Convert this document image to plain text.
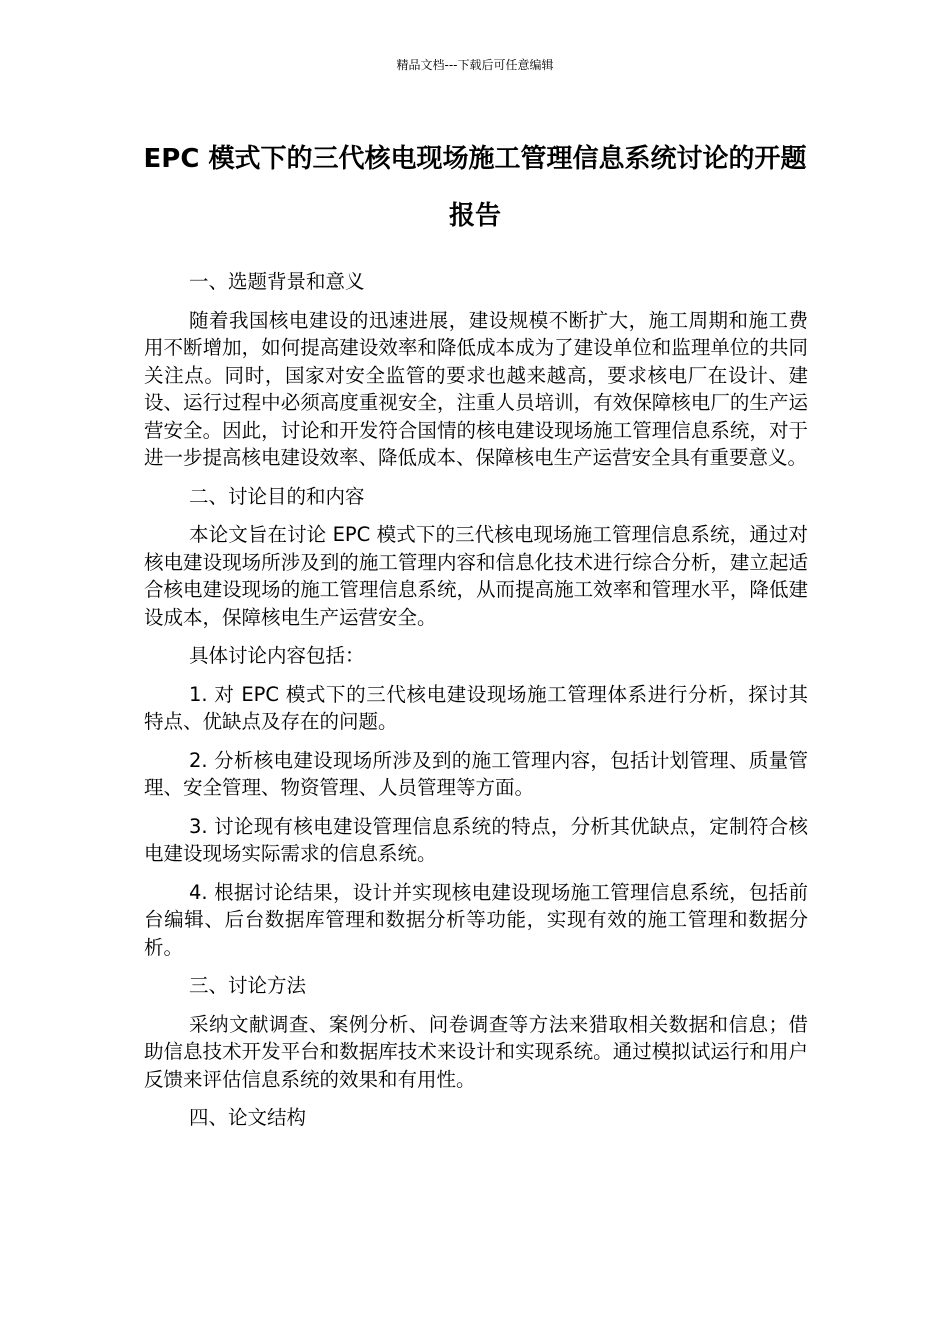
精品文档---下载后可任意编辑
EPC 模式下的三代核电现场施工管理信息系统讨论的开题报告

一、选题背景和意义

随着我国核电建设的迅速进展，建设规模不断扩大，施工周期和施工费用不断增加，如何提高建设效率和降低成本成为了建设单位和监理单位的共同关注点。同时，国家对安全监管的要求也越来越高，要求核电厂在设计、建设、运行过程中必须高度重视安全，注重人员培训，有效保障核电厂的生产运营安全。因此，讨论和开发符合国情的核电建设现场施工管理信息系统，对于进一步提高核电建设效率、降低成本、保障核电生产运营安全具有重要意义。

二、讨论目的和内容

本论文旨在讨论 EPC 模式下的三代核电现场施工管理信息系统，通过对核电建设现场所涉及到的施工管理内容和信息化技术进行综合分析，建立起适合核电建设现场的施工管理信息系统，从而提高施工效率和管理水平，降低建设成本，保障核电生产运营安全。

具体讨论内容包括：

1. 对 EPC 模式下的三代核电建设现场施工管理体系进行分析，探讨其特点、优缺点及存在的问题。

2. 分析核电建设现场所涉及到的施工管理内容，包括计划管理、质量管理、安全管理、物资管理、人员管理等方面。

3. 讨论现有核电建设管理信息系统的特点，分析其优缺点，定制符合核电建设现场实际需求的信息系统。

4. 根据讨论结果，设计并实现核电建设现场施工管理信息系统，包括前台编辑、后台数据库管理和数据分析等功能，实现有效的施工管理和数据分析。

三、讨论方法

采纳文献调查、案例分析、问卷调查等方法来猎取相关数据和信息；借助信息技术开发平台和数据库技术来设计和实现系统。通过模拟试运行和用户反馈来评估信息系统的效果和有用性。

四、论文结构
